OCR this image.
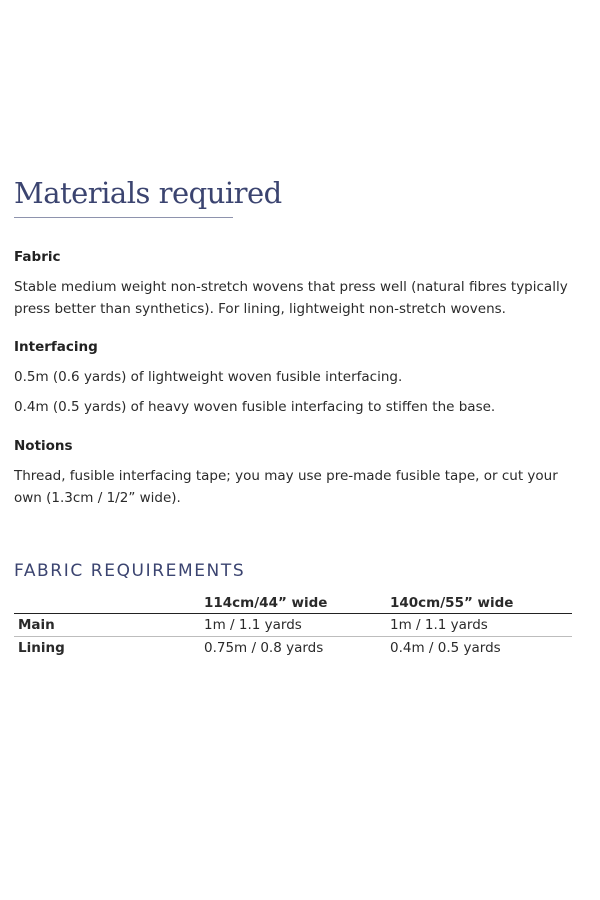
Materials required

Fabric

Stable medium weight non-stretch wovens that press well (natural fibres typically press better than synthetics). For lining, lightweight non-stretch wovens.

Interfacing

0.5m (0.6 yards) of lightweight woven fusible interfacing.

0.4m (0.5 yards) of heavy woven fusible interfacing to stiffen the base.

Notions

Thread, fusible interfacing tape; you may use pre-made fusible tape, or cut your own (1.3cm / 1/2” wide).

FABRIC REQUIREMENTS
	114cm/44” wide	140cm/55” wide
Main	1m / 1.1 yards	1m / 1.1 yards
Lining	0.75m / 0.8 yards	0.4m / 0.5 yards
